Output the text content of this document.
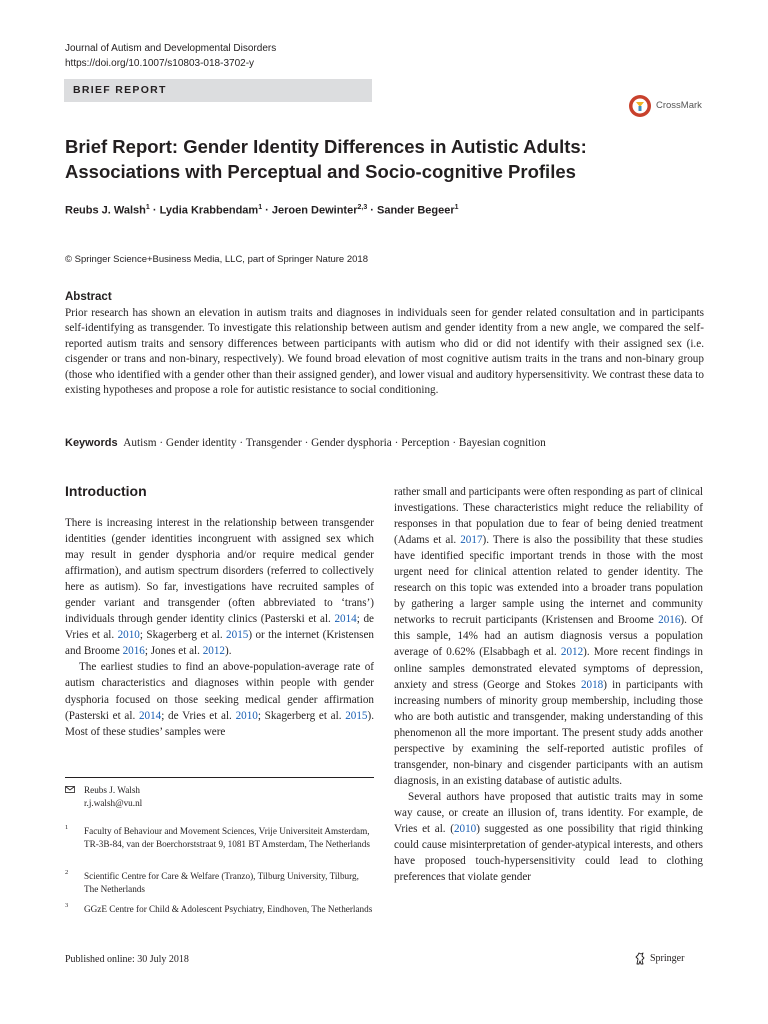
Journal of Autism and Developmental Disorders
https://doi.org/10.1007/s10803-018-3702-y
BRIEF REPORT
CrossMark
Brief Report: Gender Identity Differences in Autistic Adults:
Associations with Perceptual and Socio-cognitive Profiles
Reubs J. Walsh$^1$ · Lydia Krabbendam$^1$ · Jeroen Dewinter$^{2,3}$ · Sander Begeer$^1$
© Springer Science+Business Media, LLC, part of Springer Nature 2018
Abstract
Prior research has shown an elevation in autism traits and diagnoses in individuals seen for gender related consultation and in participants self-identifying as transgender. To investigate this relationship between autism and gender identity from a new angle, we compared the self-reported autism traits and sensory differences between participants with autism who did or did not identify with their assigned sex (i.e. cisgender or trans and non-binary, respectively). We found broad elevation of most cognitive autism traits in the trans and non-binary group (those who identified with a gender other than their assigned gender), and lower visual and auditory hypersensitivity. We contrast these data to existing hypotheses and propose a role for autistic resistance to social conditioning.
Keywords Autism · Gender identity · Transgender · Gender dysphoria · Perception · Bayesian cognition
Introduction

There is increasing interest in the relationship between transgender identities (gender identities incongruent with assigned sex which may result in gender dysphoria and/or require medical gender affirmation), and autism spectrum disorders (referred to collectively here as autism). So far, investigations have recruited samples of gender variant and transgender (often abbreviated to ‘trans’) individuals through gender identity clinics (Pasterski et al. 2014; de Vries et al. 2010; Skagerberg et al. 2015) or the internet (Kristensen and Broome 2016; Jones et al. 2012).

The earliest studies to find an above-population-average rate of autism characteristics and diagnoses within people with gender dysphoria focused on those seeking medical gender affirmation (Pasterski et al. 2014; de Vries et al. 2010; Skagerberg et al. 2015). Most of these studies’ samples were

rather small and participants were often responding as part of clinical investigations. These characteristics might reduce the reliability of responses in that population due to fear of being denied treatment (Adams et al. 2017). There is also the possibility that these studies have identified specific important trends in those with the most urgent need for clinical attention related to gender identity. The research on this topic was extended into a broader trans population by gathering a larger sample using the internet and community networks to recruit participants (Kristensen and Broome 2016). Of this sample, 14% had an autism diagnosis versus a population average of 0.62% (Elsabbagh et al. 2012). More recent findings in online samples demonstrated elevated symptoms of depression, anxiety and stress (George and Stokes 2018) in participants with increasing numbers of minority group membership, including those who are both autistic and transgender, making understanding of this phenomenon all the more important. The present study adds another perspective by examining the self-reported autistic profiles of transgender, non-binary and cisgender participants with an autism diagnosis, in an existing database of autistic adults.

Several authors have proposed that autistic traits may in some way cause, or create an illusion of, trans identity. For example, de Vries et al. (2010) suggested as one possibility that rigid thinking could cause misinterpretation of gender-atypical interests, and others have proposed touch-hypersensitivity could lead to clothing preferences that violate gender

Reubs J. Walsh
r.j.walsh@vu.nl
1 Faculty of Behaviour and Movement Sciences, Vrije Universiteit Amsterdam, TR-3B-84, van der Boerchorststraat 9, 1081 BT Amsterdam, The Netherlands
2 Scientific Centre for Care & Welfare (Tranzo), Tilburg University, Tilburg, The Netherlands
3 GGzE Centre for Child & Adolescent Psychiatry, Eindhoven, The Netherlands
Published online: 30 July 2018	Springer
